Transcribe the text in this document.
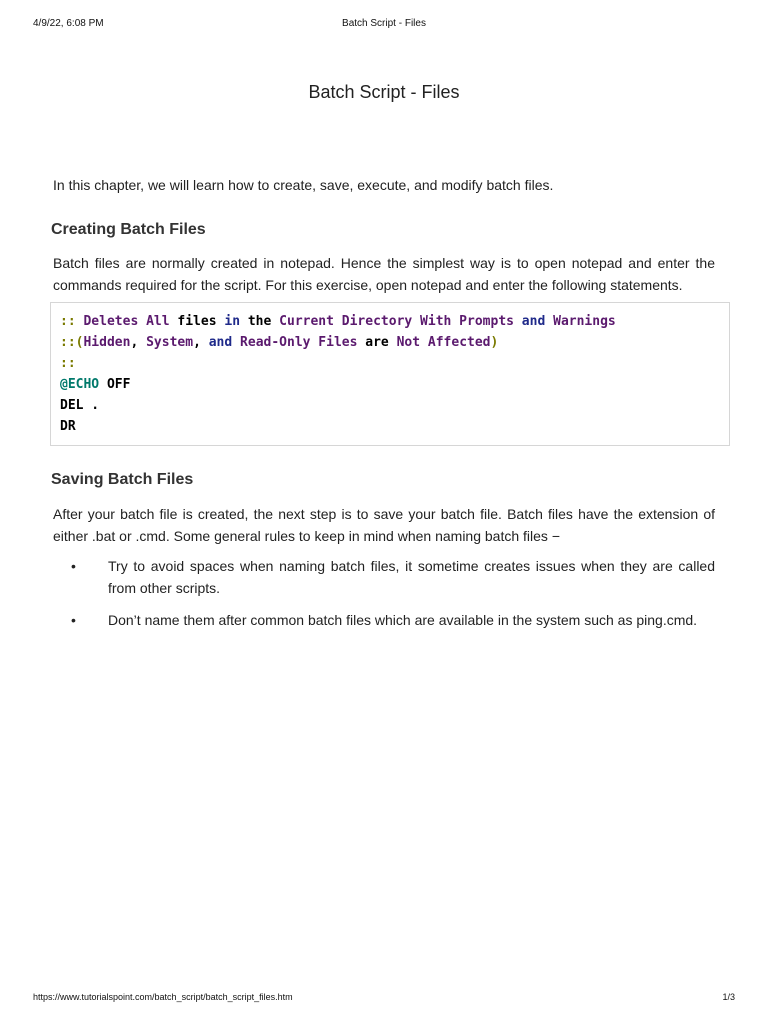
4/9/22, 6:08 PM	Batch Script - Files
Batch Script - Files

In this chapter, we will learn how to create, save, execute, and modify batch files.

Creating Batch Files

Batch files are normally created in notepad. Hence the simplest way is to open notepad and enter the commands required for the script. For this exercise, open notepad and enter the following statements.

:: Deletes All files in the Current Directory With Prompts and Warnings
::(Hidden, System, and Read-Only Files are Not Affected)
::
@ECHO OFF
DEL .
DR
Saving Batch Files

After your batch file is created, the next step is to save your batch file. Batch files have the extension of either .bat or .cmd. Some general rules to keep in mind when naming batch files −

• Try to avoid spaces when naming batch files, it sometime creates issues when they are called from other scripts.
• Don’t name them after common batch files which are available in the system such as ping.cmd.
https://www.tutorialspoint.com/batch_script/batch_script_files.htm	1/3
